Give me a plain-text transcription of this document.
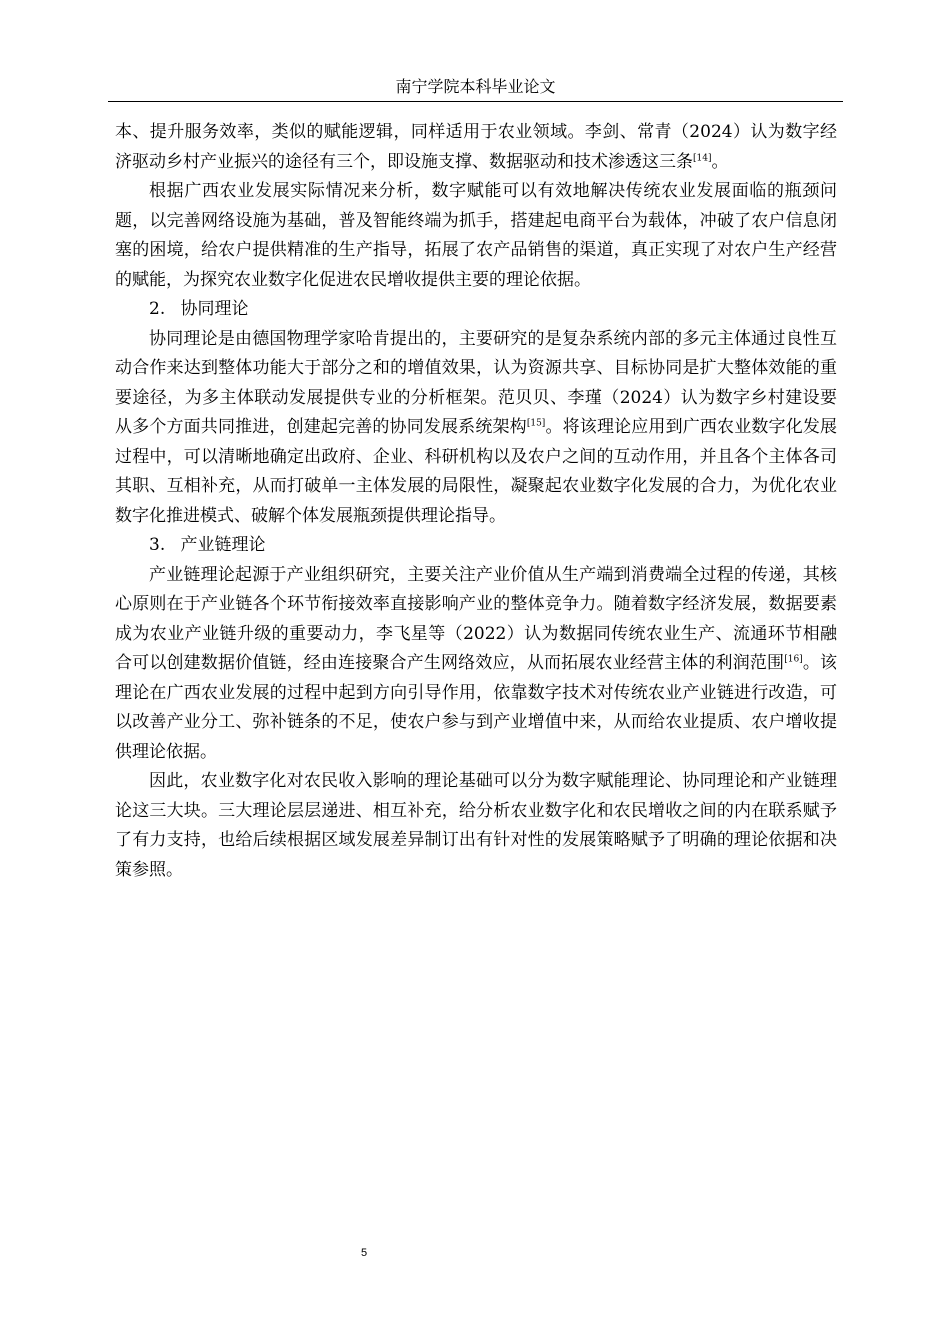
南宁学院本科毕业论文

本、提升服务效率，类似的赋能逻辑，同样适用于农业领域。李剑、常青（2024）认为数字经济驱动乡村产业振兴的途径有三个，即设施支撑、数据驱动和技术渗透这三条[14]。

根据广西农业发展实际情况来分析，数字赋能可以有效地解决传统农业发展面临的瓶颈问题，以完善网络设施为基础，普及智能终端为抓手，搭建起电商平台为载体，冲破了农户信息闭塞的困境，给农户提供精准的生产指导，拓展了农产品销售的渠道，真正实现了对农户生产经营的赋能，为探究农业数字化促进农民增收提供主要的理论依据。

2. 协同理论

协同理论是由德国物理学家哈肯提出的，主要研究的是复杂系统内部的多元主体通过良性互动合作来达到整体功能大于部分之和的增值效果，认为资源共享、目标协同是扩大整体效能的重要途径，为多主体联动发展提供专业的分析框架。范贝贝、李瑾（2024）认为数字乡村建设要从多个方面共同推进，创建起完善的协同发展系统架构[15]。将该理论应用到广西农业数字化发展过程中，可以清晰地确定出政府、企业、科研机构以及农户之间的互动作用，并且各个主体各司其职、互相补充，从而打破单一主体发展的局限性，凝聚起农业数字化发展的合力，为优化农业数字化推进模式、破解个体发展瓶颈提供理论指导。

3. 产业链理论

产业链理论起源于产业组织研究，主要关注产业价值从生产端到消费端全过程的传递，其核心原则在于产业链各个环节衔接效率直接影响产业的整体竞争力。随着数字经济发展，数据要素成为农业产业链升级的重要动力，李飞星等（2022）认为数据同传统农业生产、流通环节相融合可以创建数据价值链，经由连接聚合产生网络效应，从而拓展农业经营主体的利润范围[16]。该理论在广西农业发展的过程中起到方向引导作用，依靠数字技术对传统农业产业链进行改造，可以改善产业分工、弥补链条的不足，使农户参与到产业增值中来，从而给农业提质、农户增收提供理论依据。

因此，农业数字化对农民收入影响的理论基础可以分为数字赋能理论、协同理论和产业链理论这三大块。三大理论层层递进、相互补充，给分析农业数字化和农民增收之间的内在联系赋予了有力支持，也给后续根据区域发展差异制订出有针对性的发展策略赋予了明确的理论依据和决策参照。

5
